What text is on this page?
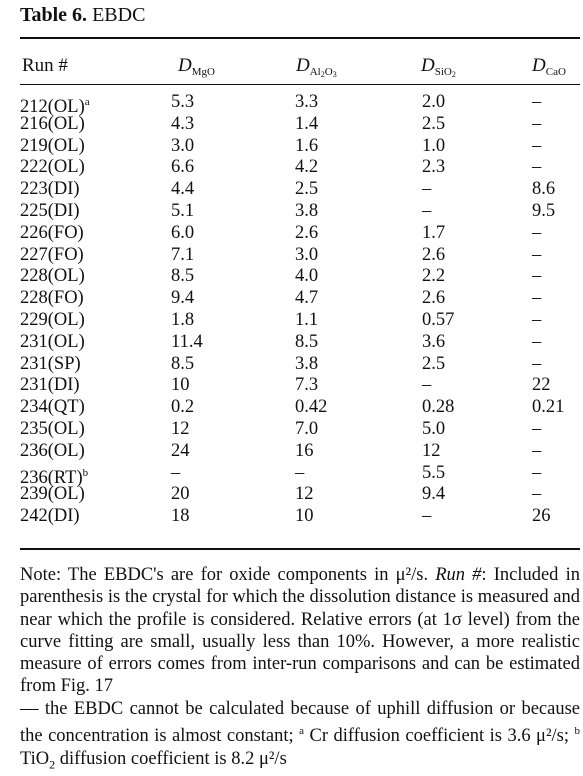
Table 6. EBDC
Run #	$D_{MgO}$	$D_{Al_2O_3}$	$D_{SiO_2}$	$D_{CaO}$
212(OL)$^a$	5.3	3.3	2.0	–
216(OL)	4.3	1.4	2.5	–
219(OL)	3.0	1.6	1.0	–
222(OL)	6.6	4.2	2.3	–
223(DI)	4.4	2.5	–	8.6
225(DI)	5.1	3.8	–	9.5
226(FO)	6.0	2.6	1.7	–
227(FO)	7.1	3.0	2.6	–
228(OL)	8.5	4.0	2.2	–
228(FO)	9.4	4.7	2.6	–
229(OL)	1.8	1.1	0.57	–
231(OL)	11.4	8.5	3.6	–
231(SP)	8.5	3.8	2.5	–
231(DI)	10	7.3	–	22
234(QT)	0.2	0.42	0.28	0.21
235(OL)	12	7.0	5.0	–
236(OL)	24	16	12	–
236(RT)$^b$	–	–	5.5	–
239(OL)	20	12	9.4	–
242(DI)	18	10	–	26
Note: The EBDC's are for oxide components in μ²/s. Run #: Included in parenthesis is the crystal for which the dissolution distance is measured and near which the profile is considered. Relative errors (at 1σ level) from the curve fitting are small, usually less than 10%. However, a more realistic measure of errors comes from inter-run comparisons and can be estimated from Fig. 17
— the EBDC cannot be calculated because of uphill diffusion or because the concentration is almost constant; $^a$ Cr diffusion coefficient is 3.6 μ²/s; $^b$ TiO$_2$ diffusion coefficient is 8.2 μ²/s
